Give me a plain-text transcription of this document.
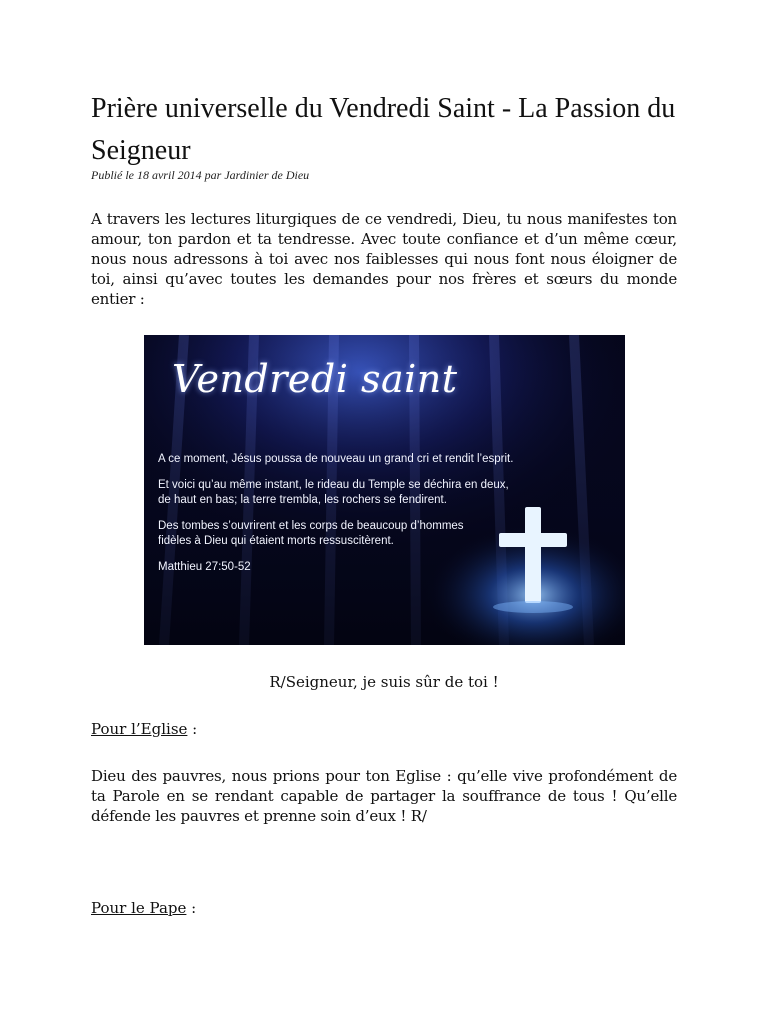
Prière universelle du Vendredi Saint - La Passion du Seigneur

Publié le 18 avril 2014 par Jardinier de Dieu

A travers les lectures liturgiques de ce vendredi, Dieu, tu nous manifestes ton amour, ton pardon et ta tendresse. Avec toute confiance et d’un même cœur, nous nous adressons à toi avec nos faiblesses qui nous font nous éloigner de toi, ainsi qu’avec toutes les demandes pour nos frères et sœurs du monde entier :

Vendredi saint

A ce moment, Jésus poussa de nouveau un grand cri et rendit l’esprit.

Et voici qu’au même instant, le rideau du Temple se déchira en deux,

de haut en bas; la terre trembla, les rochers se fendirent.

Des tombes s’ouvrirent et les corps de beaucoup d’hommes

fidèles à Dieu qui étaient morts ressuscitèrent.

Matthieu 27:50-52

R/Seigneur, je suis sûr de toi !

Pour l’Eglise :

Dieu des pauvres, nous prions pour ton Eglise : qu’elle vive profondément de ta Parole en se rendant capable de partager la souffrance de tous ! Qu’elle défende les pauvres et prenne soin d’eux ! R/

Pour le Pape :
